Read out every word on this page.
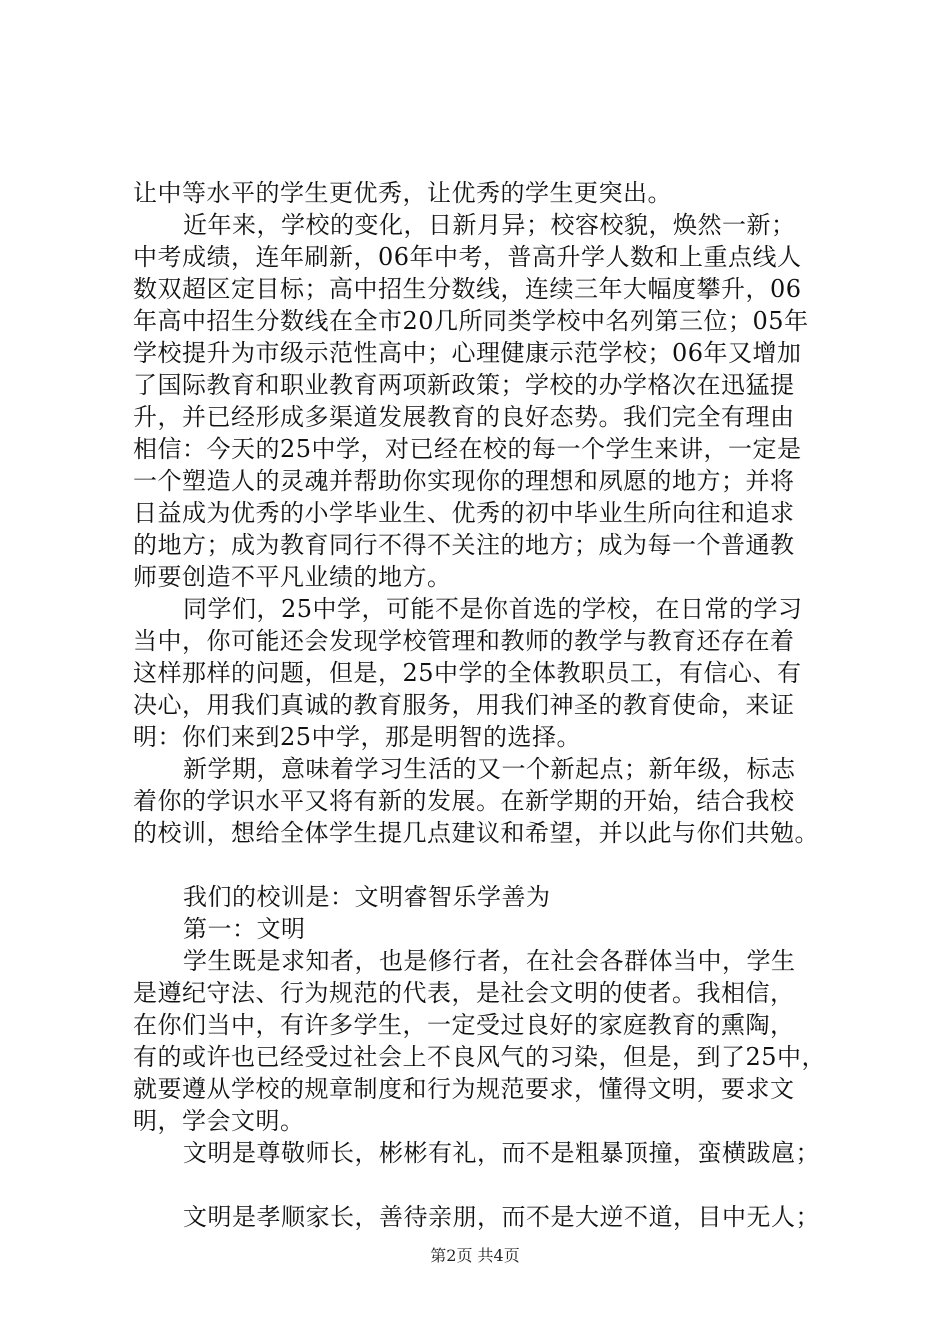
让中等水平的学生更优秀，让优秀的学生更突出。
近年来，学校的变化，日新月异；校容校貌，焕然一新；
中考成绩，连年刷新，06年中考，普高升学人数和上重点线人
数双超区定目标；高中招生分数线，连续三年大幅度攀升，06
年高中招生分数线在全市20几所同类学校中名列第三位；05年
学校提升为市级示范性高中；心理健康示范学校；06年又增加
了国际教育和职业教育两项新政策；学校的办学格次在迅猛提
升，并已经形成多渠道发展教育的良好态势。我们完全有理由
相信：今天的25中学，对已经在校的每一个学生来讲，一定是
一个塑造人的灵魂并帮助你实现你的理想和夙愿的地方；并将
日益成为优秀的小学毕业生、优秀的初中毕业生所向往和追求
的地方；成为教育同行不得不关注的地方；成为每一个普通教
师要创造不平凡业绩的地方。
同学们，25中学，可能不是你首选的学校，在日常的学习
当中，你可能还会发现学校管理和教师的教学与教育还存在着
这样那样的问题，但是，25中学的全体教职员工，有信心、有
决心，用我们真诚的教育服务，用我们神圣的教育使命，来证
明：你们来到25中学，那是明智的选择。
新学期，意味着学习生活的又一个新起点；新年级，标志
着你的学识水平又将有新的发展。在新学期的开始，结合我校
的校训，想给全体学生提几点建议和希望，并以此与你们共勉。
我们的校训是：文明睿智乐学善为
第一：文明
学生既是求知者，也是修行者，在社会各群体当中，学生
是遵纪守法、行为规范的代表，是社会文明的使者。我相信，
在你们当中，有许多学生，一定受过良好的家庭教育的熏陶，
有的或许也已经受过社会上不良风气的习染，但是，到了25中，
就要遵从学校的规章制度和行为规范要求，懂得文明，要求文
明，学会文明。
文明是尊敬师长，彬彬有礼，而不是粗暴顶撞，蛮横跋扈；
文明是孝顺家长，善待亲朋，而不是大逆不道，目中无人；
第2页 共4页
